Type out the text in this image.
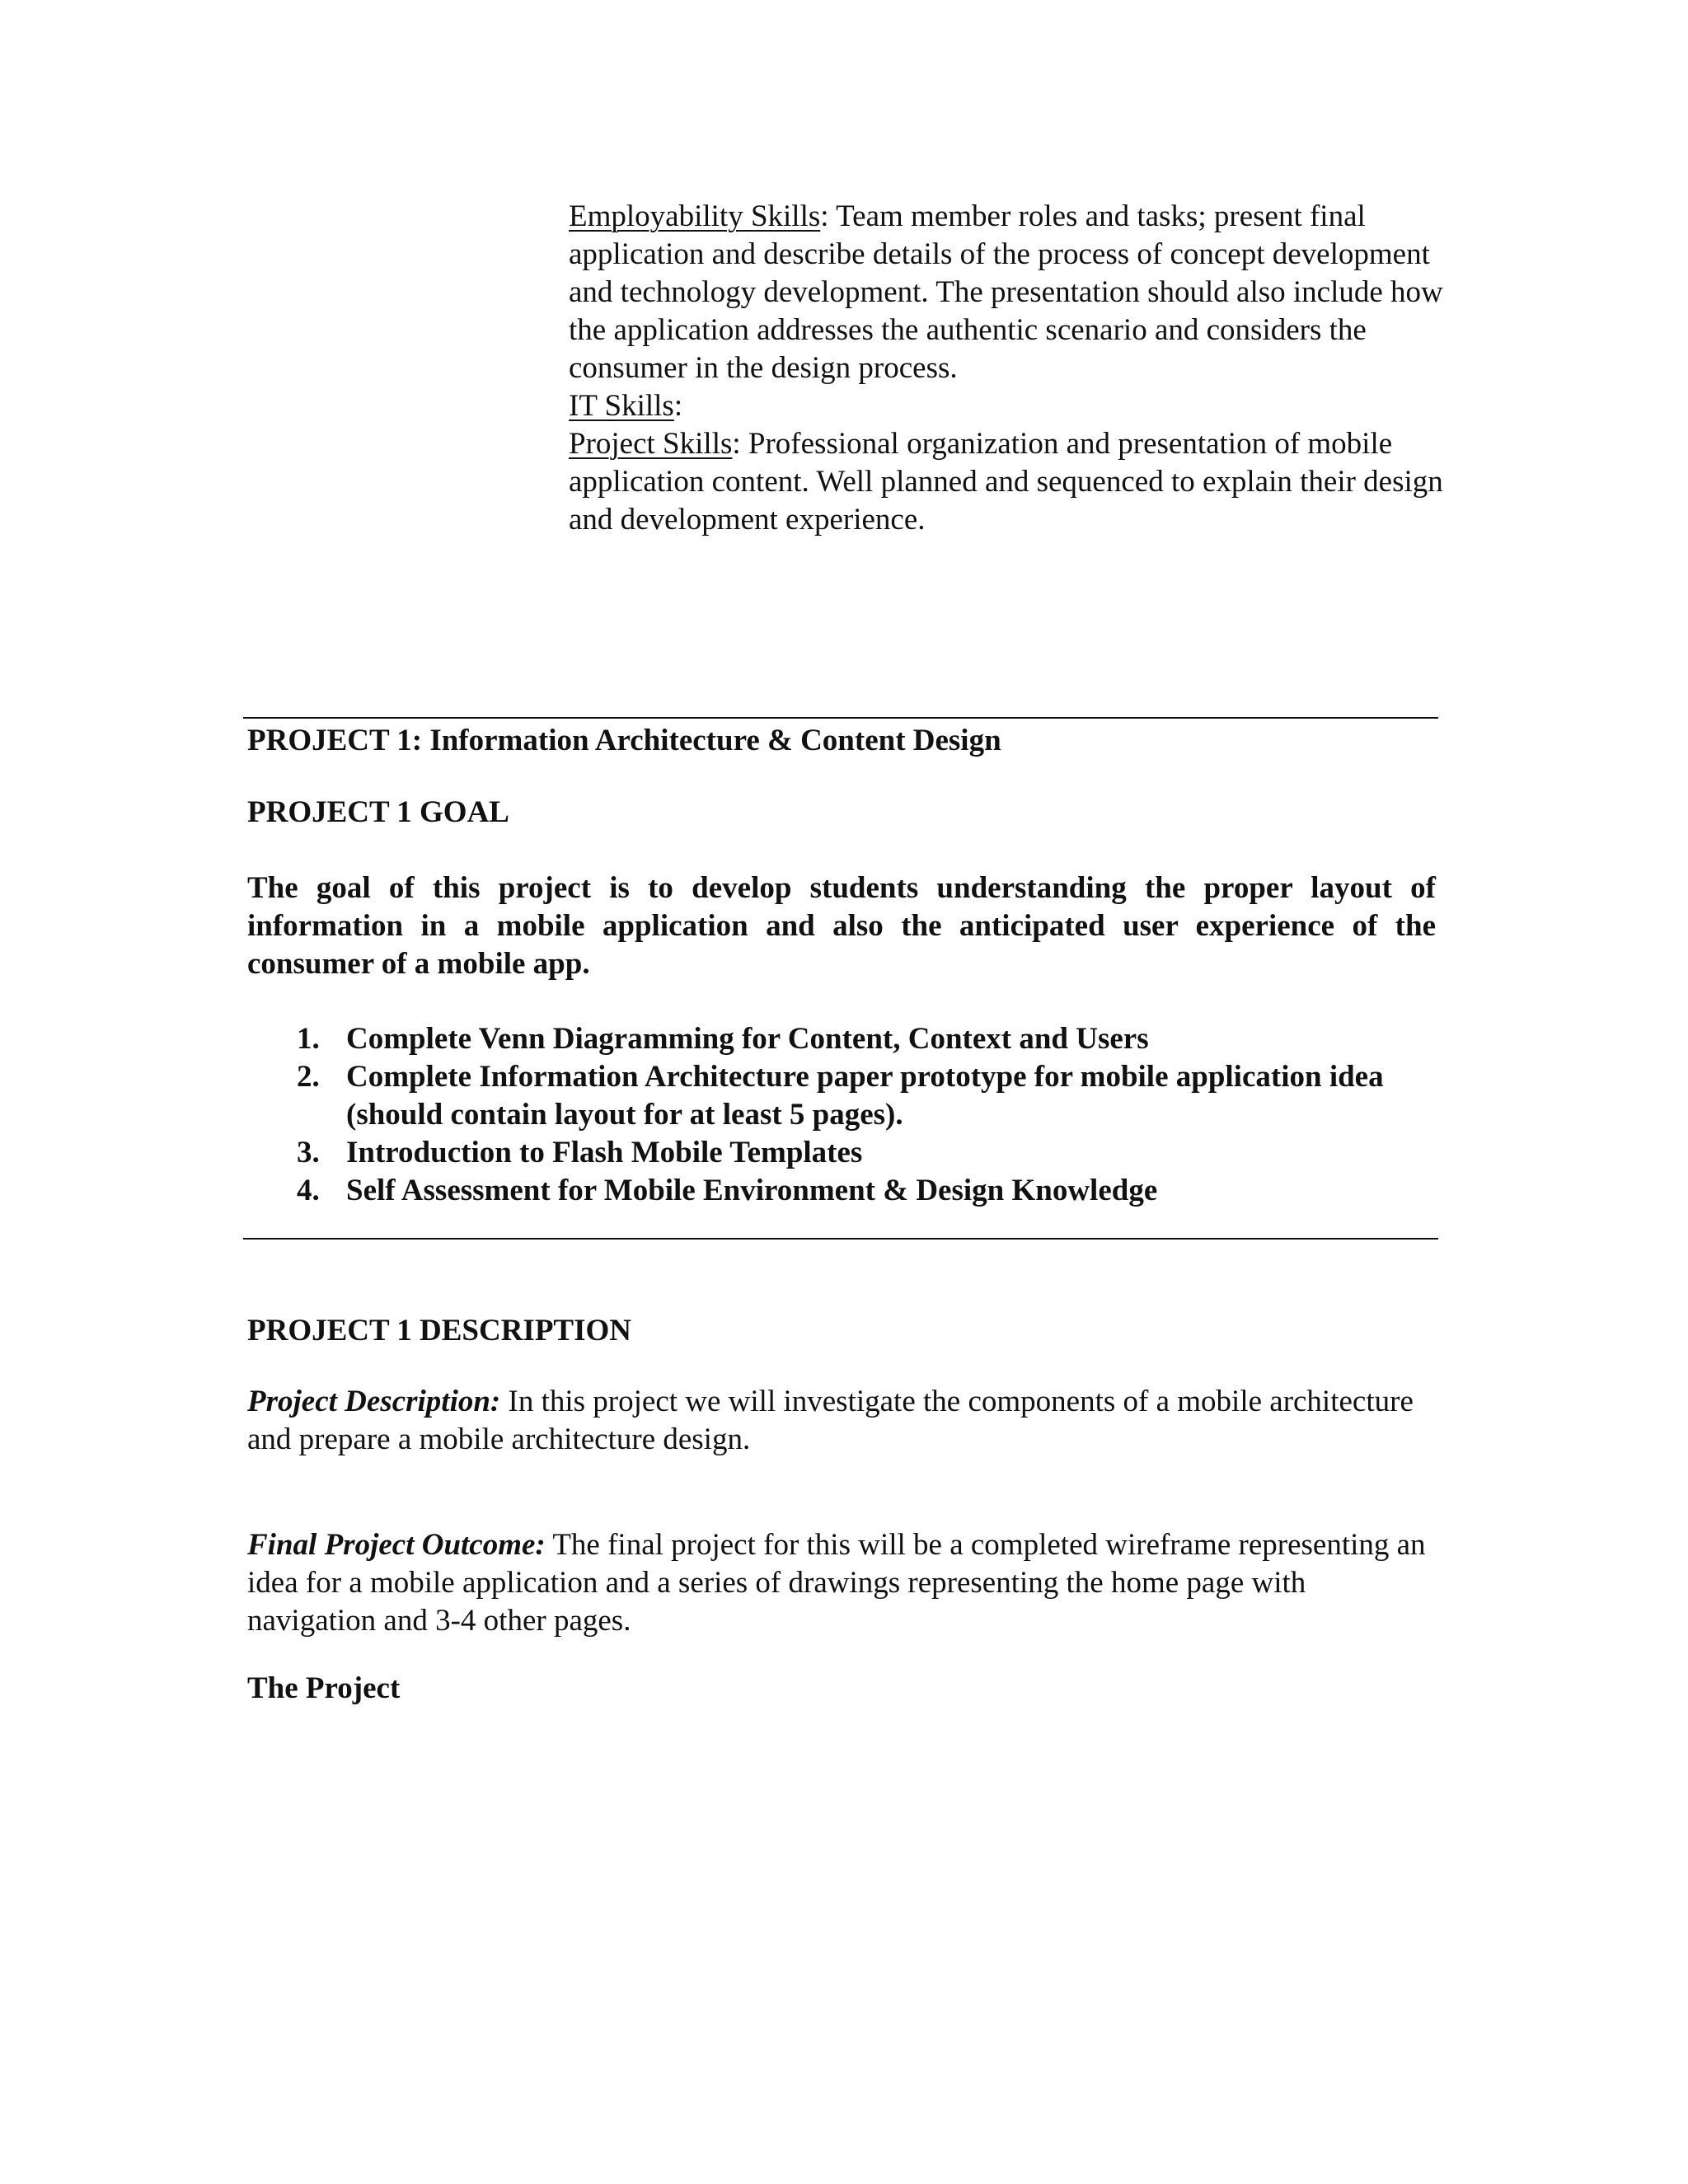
Employability Skills: Team member roles and tasks; present final application and describe details of the process of concept development and technology development. The presentation should also include how the application addresses the authentic scenario and considers the consumer in the design process.

IT Skills:

Project Skills: Professional organization and presentation of mobile application content. Well planned and sequenced to explain their design and development experience.

PROJECT 1: Information Architecture & Content Design

PROJECT 1 GOAL

The goal of this project is to develop students understanding the proper layout of information in a mobile application and also the anticipated user experience of the consumer of a mobile app.

1. Complete Venn Diagramming for Content, Context and Users
2. Complete Information Architecture paper prototype for mobile application idea (should contain layout for at least 5 pages).
3. Introduction to Flash Mobile Templates
4. Self Assessment for Mobile Environment & Design Knowledge

PROJECT 1 DESCRIPTION

Project Description: In this project we will investigate the components of a mobile architecture and prepare a mobile architecture design.

Final Project Outcome: The final project for this will be a completed wireframe representing an idea for a mobile application and a series of drawings representing the home page with navigation and 3-4 other pages.

The Project
